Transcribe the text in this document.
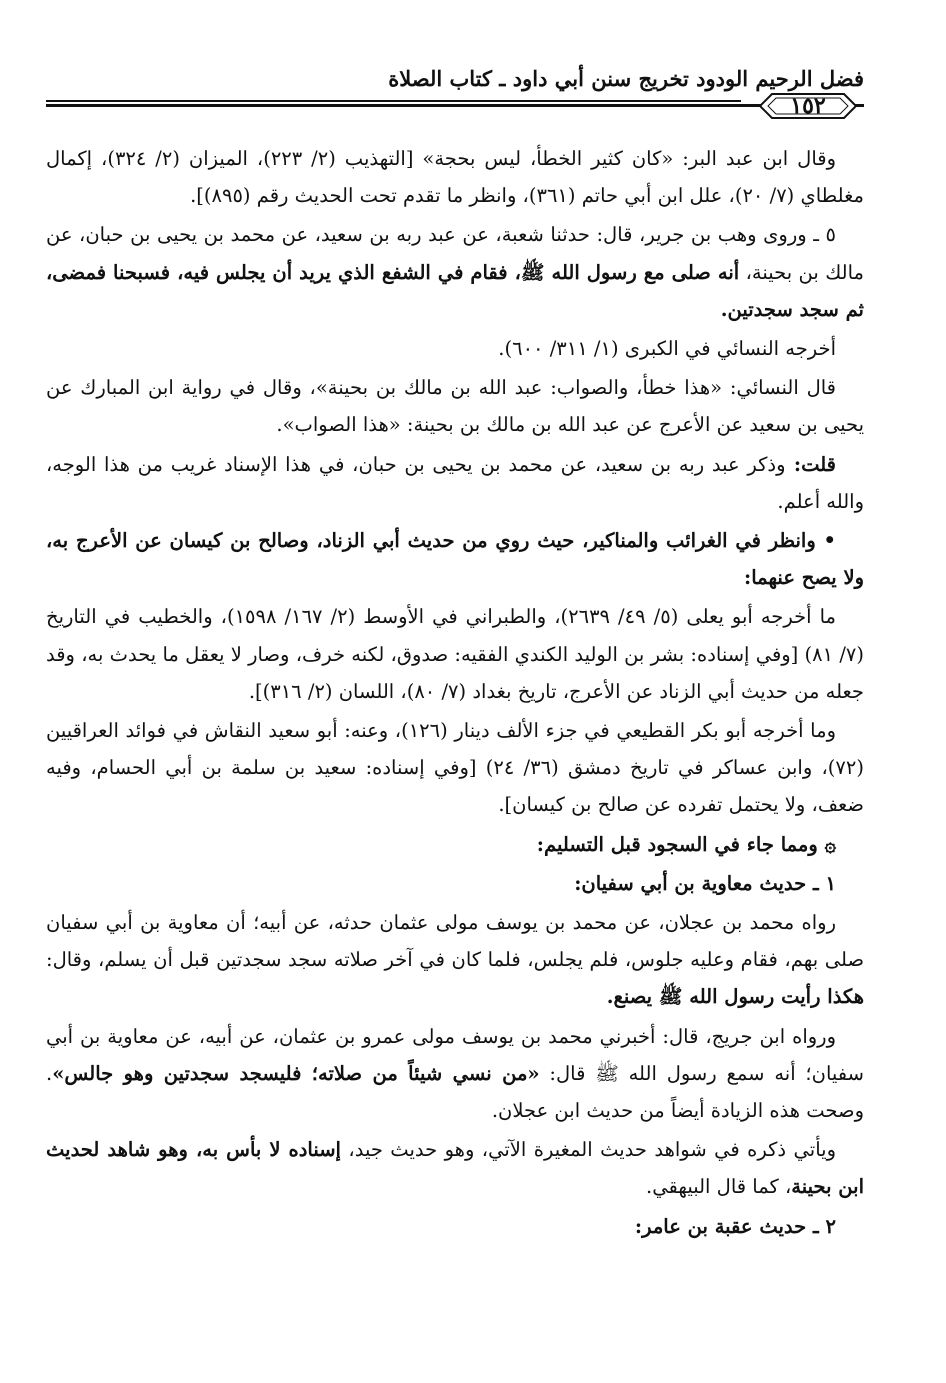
فضل الرحيم الودود تخريج سنن أبي داود ـ كتاب الصلاة
١٥٢

وقال ابن عبد البر: «كان كثير الخطأ، ليس بحجة» [التهذيب (٢/ ٢٢٣)، الميزان (٢/ ٣٢٤)، إكمال مغلطاي (٧/ ٢٠)، علل ابن أبي حاتم (٣٦١)، وانظر ما تقدم تحت الحديث رقم (٨٩٥)].

٥ ـ وروى وهب بن جرير، قال: حدثنا شعبة، عن عبد ربه بن سعيد، عن محمد بن يحيى بن حبان، عن مالك بن بحينة، أنه صلى مع رسول الله ﷺ، فقام في الشفع الذي يريد أن يجلس فيه، فسبحنا فمضى، ثم سجد سجدتين.

أخرجه النسائي في الكبرى (١/ ٣١١/ ٦٠٠).

قال النسائي: «هذا خطأ، والصواب: عبد الله بن مالك بن بحينة»، وقال في رواية ابن المبارك عن يحيى بن سعيد عن الأعرج عن عبد الله بن مالك بن بحينة: «هذا الصواب».

قلت: وذكر عبد ربه بن سعيد، عن محمد بن يحيى بن حبان، في هذا الإسناد غريب من هذا الوجه، والله أعلم.

• وانظر في الغرائب والمناكير، حيث روي من حديث أبي الزناد، وصالح بن كيسان عن الأعرج به، ولا يصح عنهما:

ما أخرجه أبو يعلى (٥/ ٤٩/ ٢٦٣٩)، والطبراني في الأوسط (٢/ ١٦٧/ ١٥٩٨)، والخطيب في التاريخ (٧/ ٨١) [وفي إسناده: بشر بن الوليد الكندي الفقيه: صدوق، لكنه خرف، وصار لا يعقل ما يحدث به، وقد جعله من حديث أبي الزناد عن الأعرج، تاريخ بغداد (٧/ ٨٠)، اللسان (٢/ ٣١٦)].

وما أخرجه أبو بكر القطيعي في جزء الألف دينار (١٢٦)، وعنه: أبو سعيد النقاش في فوائد العراقيين (٧٢)، وابن عساكر في تاريخ دمشق (٣٦/ ٢٤) [وفي إسناده: سعيد بن سلمة بن أبي الحسام، وفيه ضعف، ولا يحتمل تفرده عن صالح بن كيسان].

۞ ومما جاء في السجود قبل التسليم:

١ ـ حديث معاوية بن أبي سفيان:

رواه محمد بن عجلان، عن محمد بن يوسف مولى عثمان حدثه، عن أبيه؛ أن معاوية بن أبي سفيان صلى بهم، فقام وعليه جلوس، فلم يجلس، فلما كان في آخر صلاته سجد سجدتين قبل أن يسلم، وقال: هكذا رأيت رسول الله ﷺ يصنع.

ورواه ابن جريج، قال: أخبرني محمد بن يوسف مولى عمرو بن عثمان، عن أبيه، عن معاوية بن أبي سفيان؛ أنه سمع رسول الله ﷺ قال: «من نسي شيئاً من صلاته؛ فليسجد سجدتين وهو جالس». وصحت هذه الزيادة أيضاً من حديث ابن عجلان.

ويأتي ذكره في شواهد حديث المغيرة الآتي، وهو حديث جيد، إسناده لا بأس به، وهو شاهد لحديث ابن بحينة، كما قال البيهقي.

٢ ـ حديث عقبة بن عامر:
